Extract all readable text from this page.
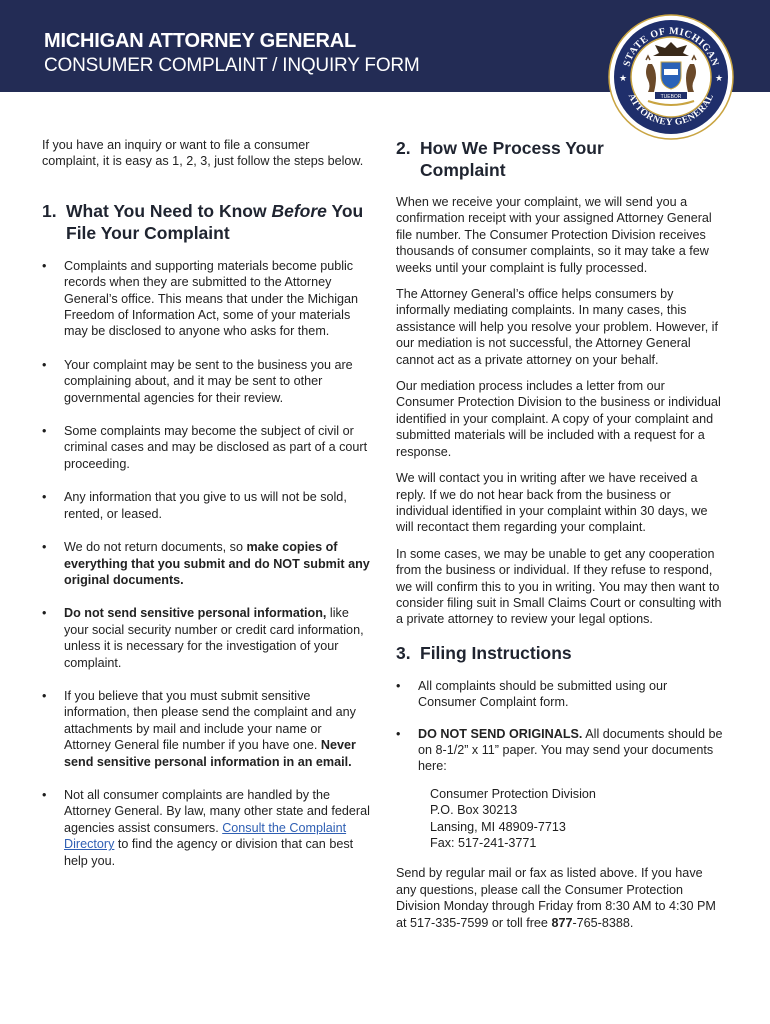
MICHIGAN ATTORNEY GENERAL
CONSUMER COMPLAINT / INQUIRY FORM	STATE OF MICHIGAN
ATTORNEY GENERAL
★	★
TUEBOR

If you have an inquiry or want to file a consumer complaint, it is easy as 1, 2, 3, just follow the steps below.

1. What You Need to Know Before You File Your Complaint
•	Complaints and supporting materials become public records when they are submitted to the Attorney General’s office. This means that under the Michigan Freedom of Information Act, some of your materials may be disclosed to anyone who asks for them.
•	Your complaint may be sent to the business you are complaining about, and it may be sent to other governmental agencies for their review.
•	Some complaints may become the subject of civil or criminal cases and may be disclosed as part of a court proceeding.
•	Any information that you give to us will not be sold, rented, or leased.
•	We do not return documents, so make copies of everything that you submit and do NOT submit any original documents.
•	Do not send sensitive personal information, like your social security number or credit card information, unless it is necessary for the investigation of your complaint.
•	If you believe that you must submit sensitive information, then please send the complaint and any attachments by mail and include your name or Attorney General file number if you have one. Never send sensitive personal information in an email.
•	Not all consumer complaints are handled by the Attorney General. By law, many other state and federal agencies assist consumers. Consult the Complaint Directory to find the agency or division that can best help you.
2. How We Process Your Complaint

When we receive your complaint, we will send you a confirmation receipt with your assigned Attorney General file number. The Consumer Protection Division receives thousands of consumer complaints, so it may take a few weeks until your complaint is fully processed.

The Attorney General’s office helps consumers by informally mediating complaints. In many cases, this assistance will help you resolve your problem. However, if our mediation is not successful, the Attorney General cannot act as a private attorney on your behalf.

Our mediation process includes a letter from our Consumer Protection Division to the business or individual identified in your complaint. A copy of your complaint and submitted materials will be included with a request for a response.

We will contact you in writing after we have received a reply. If we do not hear back from the business or individual identified in your complaint within 30 days, we will recontact them regarding your complaint.

In some cases, we may be unable to get any cooperation from the business or individual. If they refuse to respond, we will confirm this to you in writing. You may then want to consider filing suit in Small Claims Court or consulting with a private attorney to review your legal options.

3. Filing Instructions
•	All complaints should be submitted using our Consumer Complaint form.
•	DO NOT SEND ORIGINALS. All documents should be on 8-1/2” x 11” paper. You may send your documents here:
Consumer Protection Division
P.O. Box 30213
Lansing, MI 48909-7713
Fax: 517-241-3771

Send by regular mail or fax as listed above. If you have any questions, please call the Consumer Protection Division Monday through Friday from 8:30 AM to 4:30 PM at 517-335-7599 or toll free 877-765-8388.
